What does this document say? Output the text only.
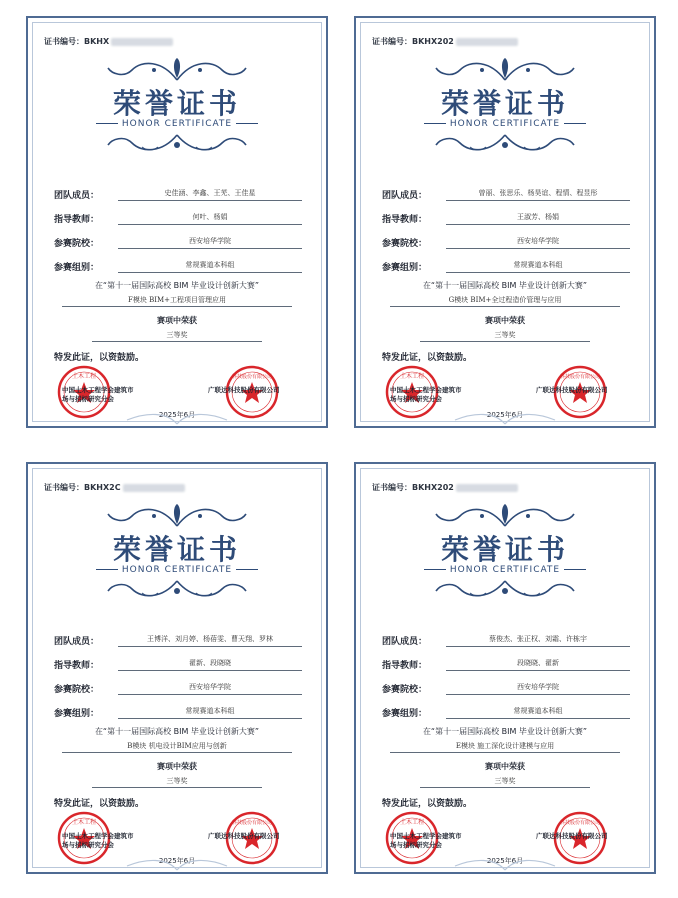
证书编号：BKHX
荣誉证书
HONOR CERTIFICATE
团队成员：	史佳涵、李鑫、王芜、王佳星
指导教师：	何叶、杨娟
参赛院校：	西安培华学院
参赛组别：	常规赛道本科组
在“第十一届国际高校 BIM 毕业设计创新大赛”
F模块 BIM+工程项目管理应用
赛项中荣获
三等奖
特发此证，以资鼓励。
土木工程	科技股份有限公司
中国土木工程学会建筑市
场与招标研究分会
广联达科技股份有限公司
2025年6月
证书编号：BKHX202
荣誉证书
HONOR CERTIFICATE
团队成员：	曾丽、张思乐、杨昊谊、程情、程昱彤
指导教师：	王淑芳、杨娟
参赛院校：	西安培华学院
参赛组别：	常规赛道本科组
在“第十一届国际高校 BIM 毕业设计创新大赛”
G模块 BIM+全过程造价管理与应用
赛项中荣获
三等奖
特发此证，以资鼓励。
土木工程	科技股份有限公司
中国土木工程学会建筑市
场与招标研究分会
广联达科技股份有限公司
2025年6月
证书编号：BKHX2C
荣誉证书
HONOR CERTIFICATE
团队成员：	王博洋、刘月婷、杨蓓雯、曹天翔、罗林
指导教师：	翟新、段晓晓
参赛院校：	西安培华学院
参赛组别：	常规赛道本科组
在“第十一届国际高校 BIM 毕业设计创新大赛”
B模块 机电设计BIM应用与创新
赛项中荣获
三等奖
特发此证，以资鼓励。
土木工程	科技股份有限公司
中国土木工程学会建筑市
场与招标研究分会
广联达科技股份有限公司
2025年6月
证书编号：BKHX202
荣誉证书
HONOR CERTIFICATE
团队成员：	蔡俊杰、张正权、刘霜、许栋宇
指导教师：	段晓晓、翟新
参赛院校：	西安培华学院
参赛组别：	常规赛道本科组
在“第十一届国际高校 BIM 毕业设计创新大赛”
E模块 施工深化设计建模与应用
赛项中荣获
三等奖
特发此证，以资鼓励。
土木工程	科技股份有限公司
中国土木工程学会建筑市
场与招标研究分会
广联达科技股份有限公司
2025年6月
